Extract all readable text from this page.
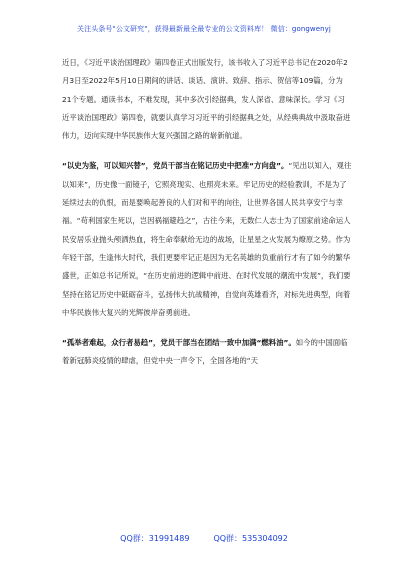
关注头条号"公文研究"，获得最新最全最专业的公文资料库！ 微信：gongwenyj

近日，《习近平谈治国理政》第四卷正式出版发行，该书收入了习近平总书记在2020年2月3日至2022年5月10日期间的讲话、谈话、演讲、致辞、指示、贺信等109篇，分为21个专题。通读书本，不难发现，其中多次引经据典，发人深省、意味深长。学习《习近平谈治国理政》第四卷，就要认真学习习近平的引经据典之处，从经典典故中汲取奋进伟力，迈向实现中华民族伟大复兴强国之路的崭新航道。

“以史为鉴，可以知兴替”，党员干部当在铭记历史中把准“方向盘”。“见出以知入，观往以知来”，历史像一面镜子，它照亮现实、也照亮未来。牢记历史的经验教训，不是为了延续过去的仇恨，而是要唤起善良的人们对和平的向往，让世界各国人民共享安宁与幸福。“苟利国家生死以，岂因祸福避趋之”，古往今来，无数仁人志士为了国家前途命运人民安居乐业抛头颅洒热血，将生命奉献给无边的战场，让星星之火发展为燎原之势。作为年轻干部，生逢伟大时代，我们更要牢记正是因为无名英雄的负重前行才有了如今的繁华盛世，正如总书记所说，“在历史前进的逻辑中前进、在时代发展的潮流中发展”，我们要坚持在铭记历史中砥砺奋斗，弘扬伟大抗战精神，自觉向英雄看齐，对标先进典型，向着中华民族伟大复兴的光辉彼岸奋勇前进。

“孤举者难起，众行者易趋”，党员干部当在团结一致中加满“燃料油”。如今的中国面临着新冠肺炎疫情的肆虐，但党中央一声令下，全国各地的“天

QQ群：31991489	QQ群：535304092
